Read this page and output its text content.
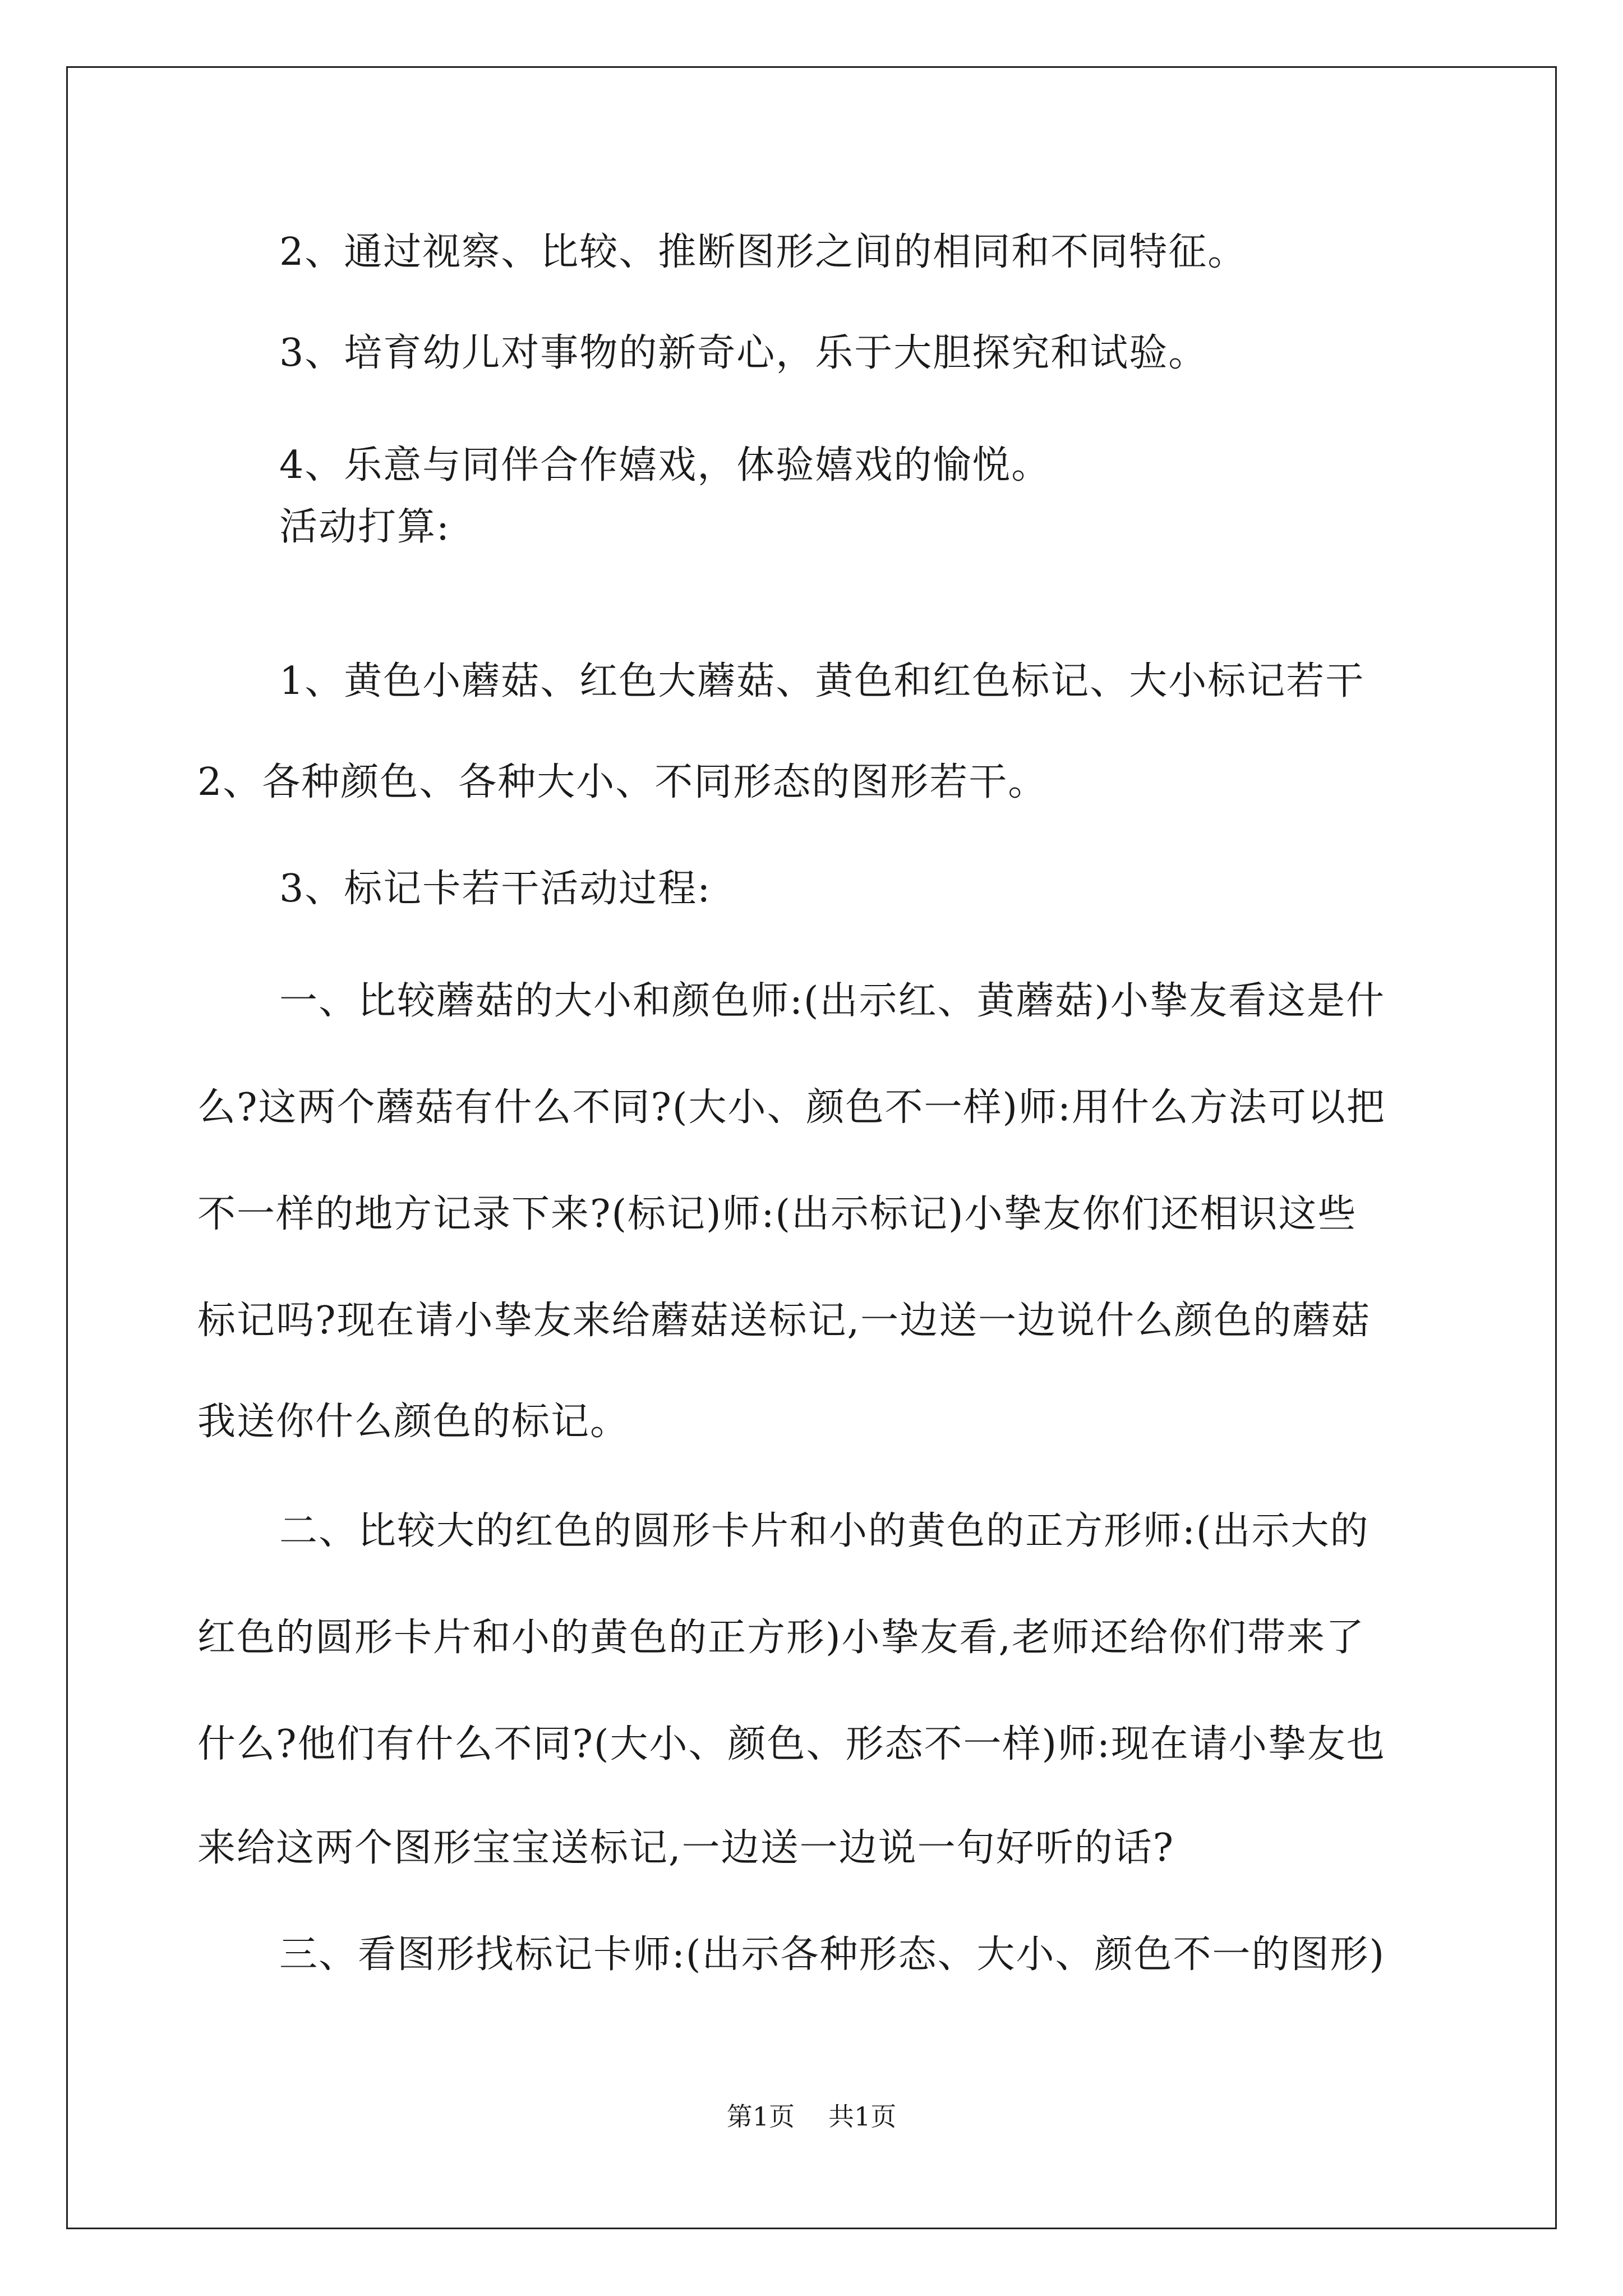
2、通过视察、比较、推断图形之间的相同和不同特征。
3、培育幼儿对事物的新奇心，乐于大胆探究和试验。
4、乐意与同伴合作嬉戏，体验嬉戏的愉悦。
活动打算:
1、黄色小蘑菇、红色大蘑菇、黄色和红色标记、大小标记若干
2、各种颜色、各种大小、不同形态的图形若干。
3、标记卡若干活动过程:
一、比较蘑菇的大小和颜色师:(出示红、黄蘑菇)小挚友看这是什
么?这两个蘑菇有什么不同?(大小、颜色不一样)师:用什么方法可以把
不一样的地方记录下来?(标记)师:(出示标记)小挚友你们还相识这些
标记吗?现在请小挚友来给蘑菇送标记,一边送一边说什么颜色的蘑菇
我送你什么颜色的标记。
二、比较大的红色的圆形卡片和小的黄色的正方形师:(出示大的
红色的圆形卡片和小的黄色的正方形)小挚友看,老师还给你们带来了
什么?他们有什么不同?(大小、颜色、形态不一样)师:现在请小挚友也
来给这两个图形宝宝送标记,一边送一边说一句好听的话?
三、看图形找标记卡师:(出示各种形态、大小、颜色不一的图形)
第1页 共1页
